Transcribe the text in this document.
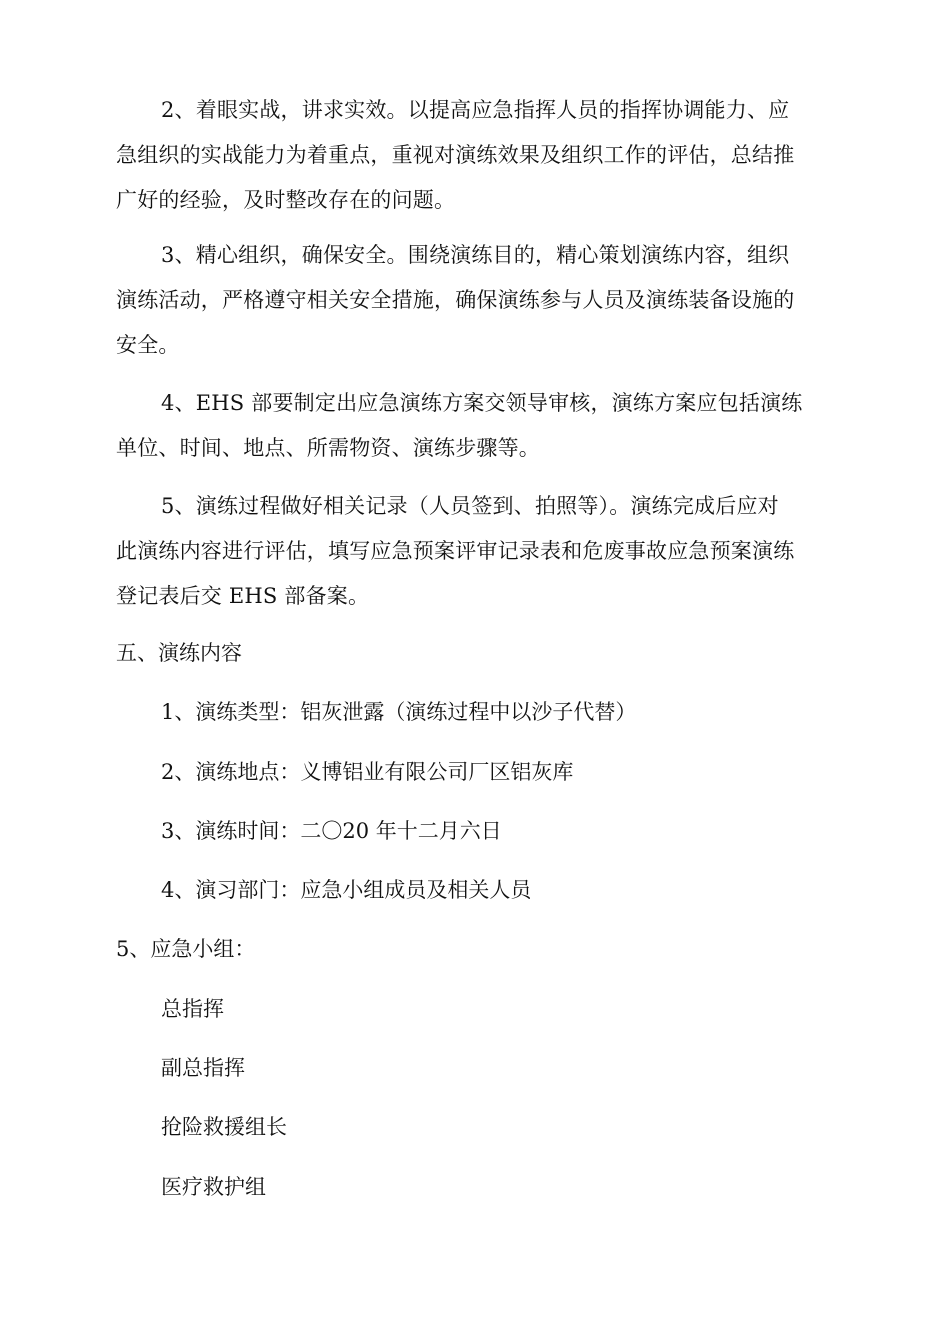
2、着眼实战，讲求实效。以提高应急指挥人员的指挥协调能力、应
急组织的实战能力为着重点，重视对演练效果及组织工作的评估，总结推
广好的经验，及时整改存在的问题。
3、精心组织，确保安全。围绕演练目的，精心策划演练内容，组织
演练活动，严格遵守相关安全措施，确保演练参与人员及演练装备设施的
安全。
4、EHS 部要制定出应急演练方案交领导审核，演练方案应包括演练
单位、时间、地点、所需物资、演练步骤等。
5、演练过程做好相关记录（人员签到、拍照等）。演练完成后应对
此演练内容进行评估，填写应急预案评审记录表和危废事故应急预案演练
登记表后交 EHS 部备案。
五、演练内容
1、演练类型：铝灰泄露（演练过程中以沙子代替）
2、演练地点：义博铝业有限公司厂区铝灰库
3、演练时间：二〇20 年十二月六日
4、演习部门：应急小组成员及相关人员
5、应急小组：
总指挥
副总指挥
抢险救援组长
医疗救护组
